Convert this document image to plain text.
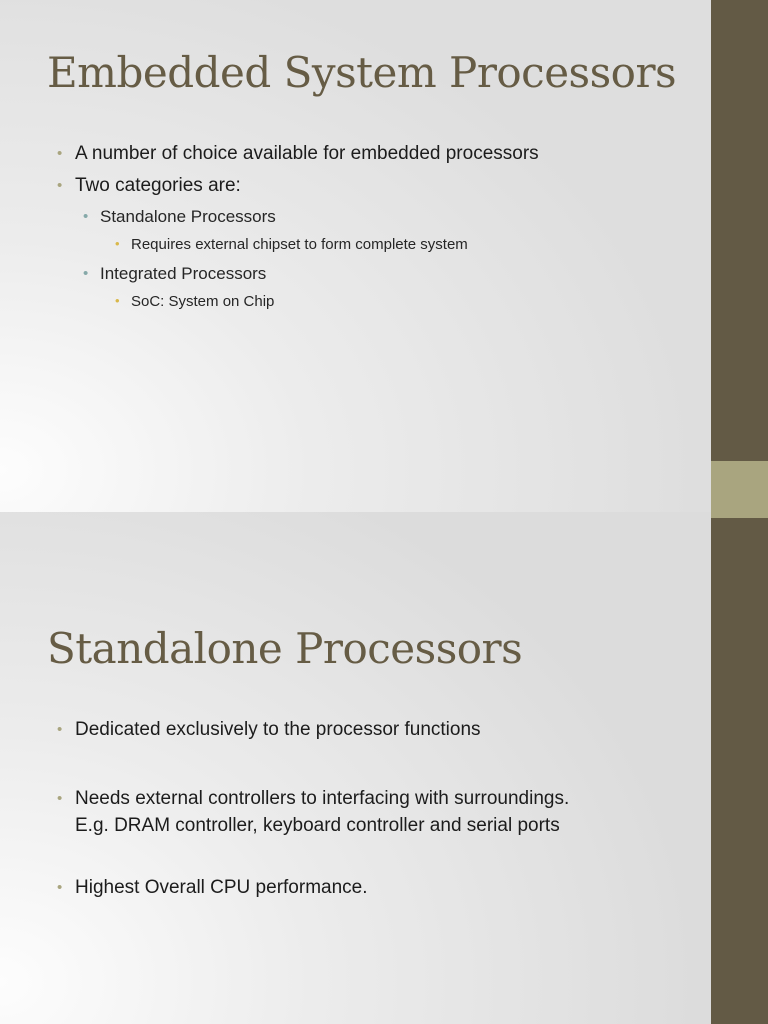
Embedded System Processors
• A number of choice available for embedded processors
• Two categories are:
• Standalone Processors
• Requires external chipset to form complete system
• Integrated Processors
• SoC: System on Chip
Standalone Processors
• Dedicated exclusively to the processor functions
• Needs external controllers to interfacing with surroundings.
E.g. DRAM controller, keyboard controller and serial ports
• Highest Overall CPU performance.
